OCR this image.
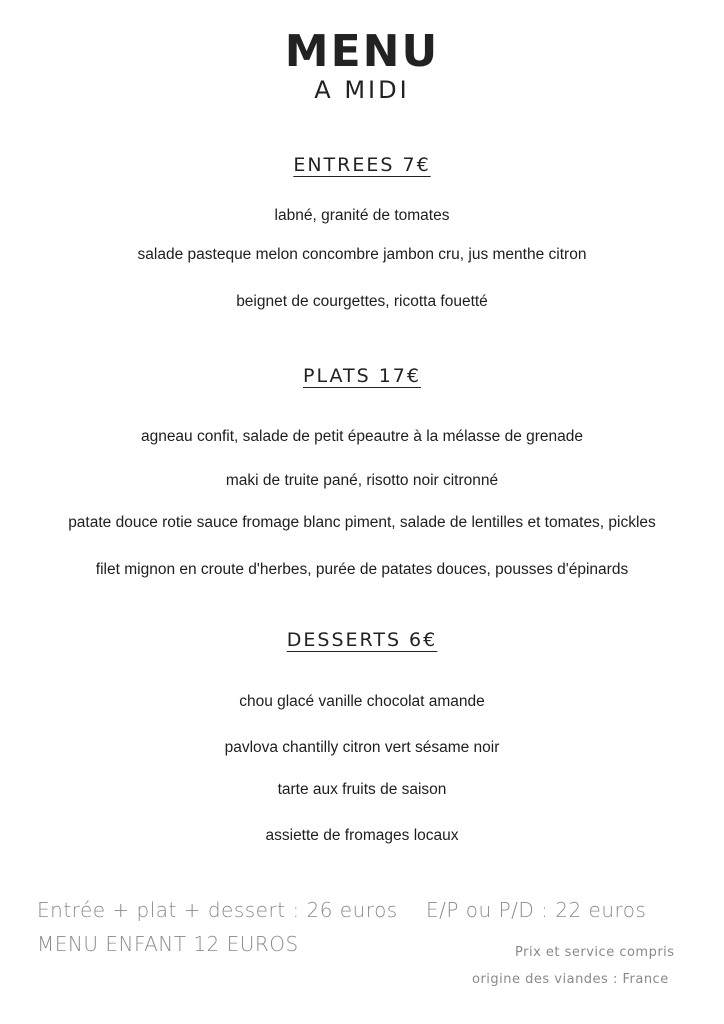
MENU
A MIDI
ENTREES 7€
labné, granité de tomates
salade pasteque melon concombre jambon cru, jus menthe citron
beignet de courgettes, ricotta fouetté
PLATS 17€
agneau confit, salade de petit épeautre à la mélasse de grenade
maki de truite pané, risotto noir citronné
patate douce rotie sauce fromage blanc piment, salade de lentilles et tomates, pickles
filet mignon en croute d'herbes, purée de patates douces, pousses d'épinards
DESSERTS 6€
chou glacé vanille chocolat amande
pavlova chantilly citron vert sésame noir
tarte aux fruits de saison
assiette de fromages locaux
Entrée + plat + dessert : 26 euros E/P ou P/D : 22 euros
MENU ENFANT 12 EUROS	Prix et service compris
origine des viandes : France
